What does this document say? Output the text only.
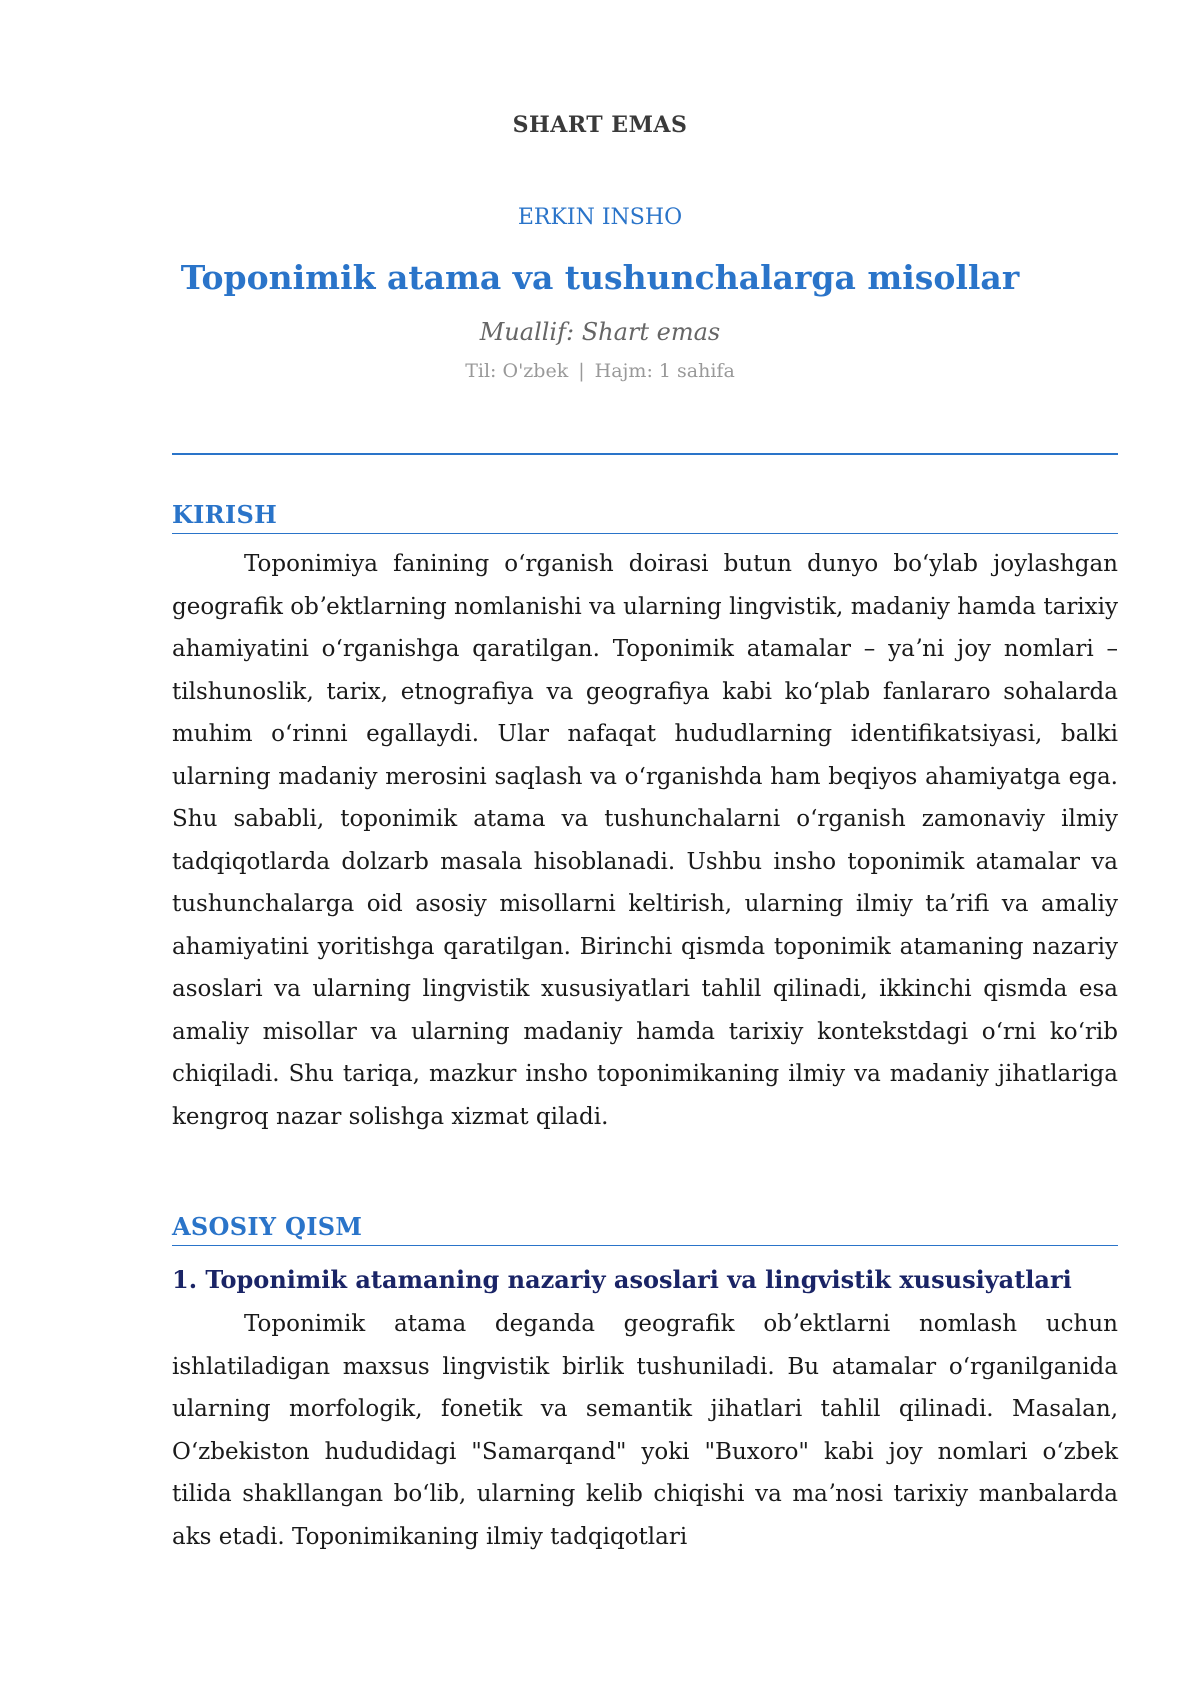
SHART EMAS
ERKIN INSHO
Toponimik atama va tushunchalarga misollar
Muallif: Shart emas
Til: O'zbek | Hajm: 1 sahifa
KIRISH

Toponimiya fanining oʻrganish doirasi butun dunyo boʻylab joylashgan geografik obʼektlarning nomlanishi va ularning lingvistik, madaniy hamda tarixiy ahamiyatini oʻrganishga qaratilgan. Toponimik atamalar – yaʼni joy nomlari – tilshunoslik, tarix, etnografiya va geografiya kabi koʻplab fanlararo sohalarda muhim oʻrinni egallaydi. Ular nafaqat hududlarning identifikatsiyasi, balki ularning madaniy merosini saqlash va oʻrganishda ham beqiyos ahamiyatga ega. Shu sababli, toponimik atama va tushunchalarni oʻrganish zamonaviy ilmiy tadqiqotlarda dolzarb masala hisoblanadi. Ushbu insho toponimik atamalar va tushunchalarga oid asosiy misollarni keltirish, ularning ilmiy taʼrifi va amaliy ahamiyatini yoritishga qaratilgan. Birinchi qismda toponimik atamaning nazariy asoslari va ularning lingvistik xususiyatlari tahlil qilinadi, ikkinchi qismda esa amaliy misollar va ularning madaniy hamda tarixiy kontekstdagi oʻrni koʻrib chiqiladi. Shu tariqa, mazkur insho toponimikaning ilmiy va madaniy jihatlariga kengroq nazar solishga xizmat qiladi.

ASOSIY QISM
1. Toponimik atamaning nazariy asoslari va lingvistik xususiyatlari

Toponimik atama deganda geografik obʼektlarni nomlash uchun ishlatiladigan maxsus lingvistik birlik tushuniladi. Bu atamalar oʻrganilganida ularning morfologik, fonetik va semantik jihatlari tahlil qilinadi. Masalan, Oʻzbekiston hududidagi "Samarqand" yoki "Buxoro" kabi joy nomlari oʻzbek tilida shakllangan boʻlib, ularning kelib chiqishi va maʼnosi tarixiy manbalarda aks etadi. Toponimikaning ilmiy tadqiqotlari
